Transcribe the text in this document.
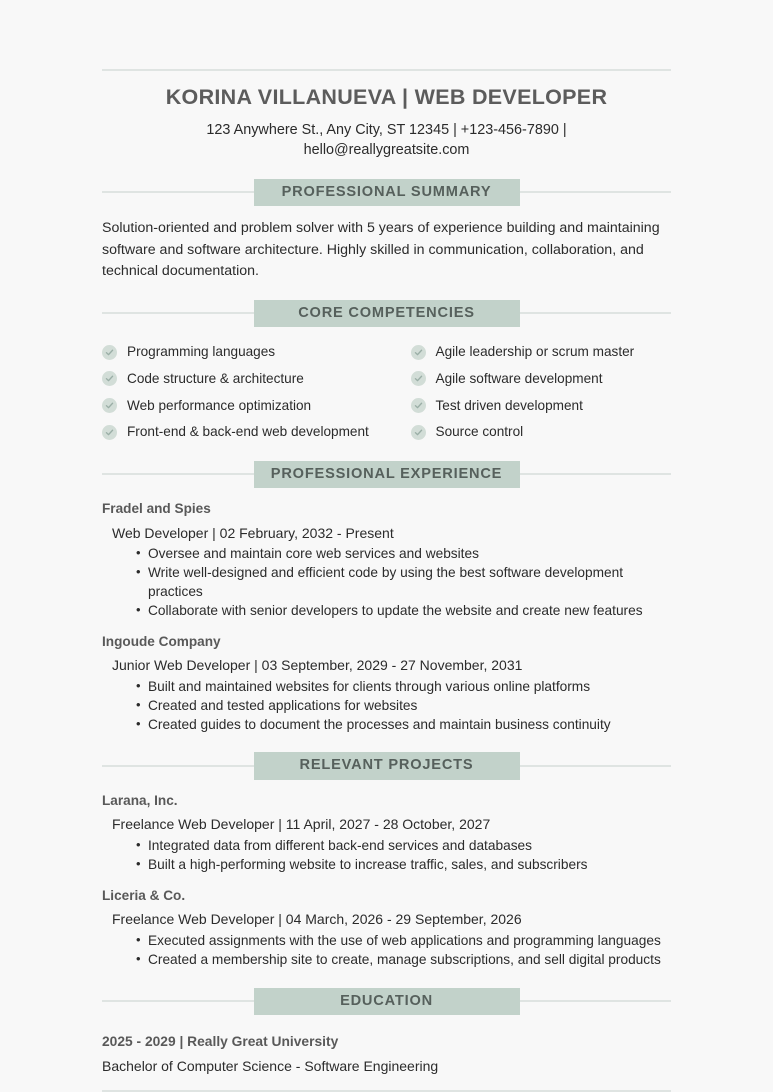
KORINA VILLANUEVA | WEB DEVELOPER
123 Anywhere St., Any City, ST 12345 | +123-456-7890 | hello@reallygreatsite.com
PROFESSIONAL SUMMARY
Solution-oriented and problem solver with 5 years of experience building and maintaining software and software architecture. Highly skilled in communication, collaboration, and technical documentation.
CORE COMPETENCIES
Programming languages
Code structure & architecture
Web performance optimization
Front-end & back-end web development
Agile leadership or scrum master
Agile software development
Test driven development
Source control
PROFESSIONAL EXPERIENCE
Fradel and Spies
Web Developer | 02 February, 2032 - Present
• Oversee and maintain core web services and websites
• Write well-designed and efficient code by using the best software development practices
• Collaborate with senior developers to update the website and create new features
Ingoude Company
Junior Web Developer | 03 September, 2029 - 27 November, 2031
• Built and maintained websites for clients through various online platforms
• Created and tested applications for websites
• Created guides to document the processes and maintain business continuity
RELEVANT PROJECTS
Larana, Inc.
Freelance Web Developer | 11 April, 2027 - 28 October, 2027
• Integrated data from different back-end services and databases
• Built a high-performing website to increase traffic, sales, and subscribers
Liceria & Co.
Freelance Web Developer | 04 March, 2026 - 29 September, 2026
• Executed assignments with the use of web applications and programming languages
• Created a membership site to create, manage subscriptions, and sell digital products
EDUCATION
2025 - 2029 | Really Great University
Bachelor of Computer Science - Software Engineering
